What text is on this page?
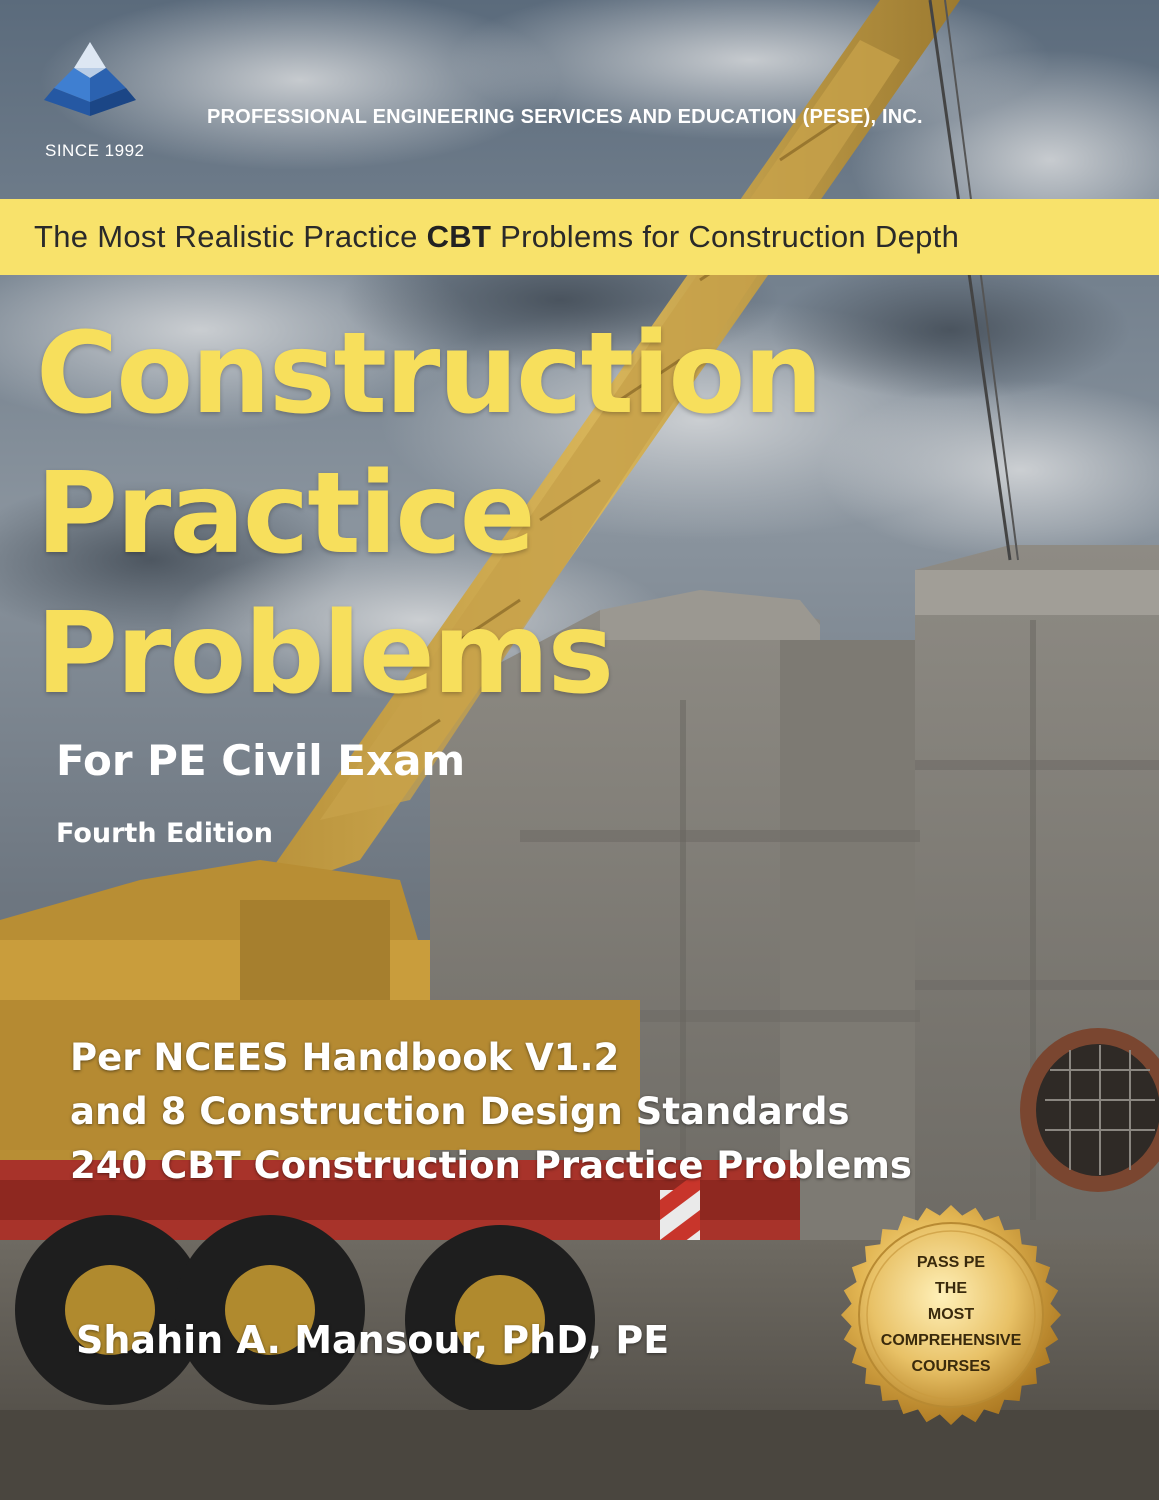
SINCE 1992
PROFESSIONAL ENGINEERING SERVICES AND EDUCATION (PESE), INC.
The Most Realistic Practice CBT Problems for Construction Depth
Construction
Practice
Problems
For PE Civil Exam
Fourth Edition
Per NCEES Handbook V1.2
and 8 Construction Design Standards
240 CBT Construction Practice Problems
Shahin A. Mansour, PhD, PE
PASS PE
THE
MOST
COMPREHENSIVE
COURSES
